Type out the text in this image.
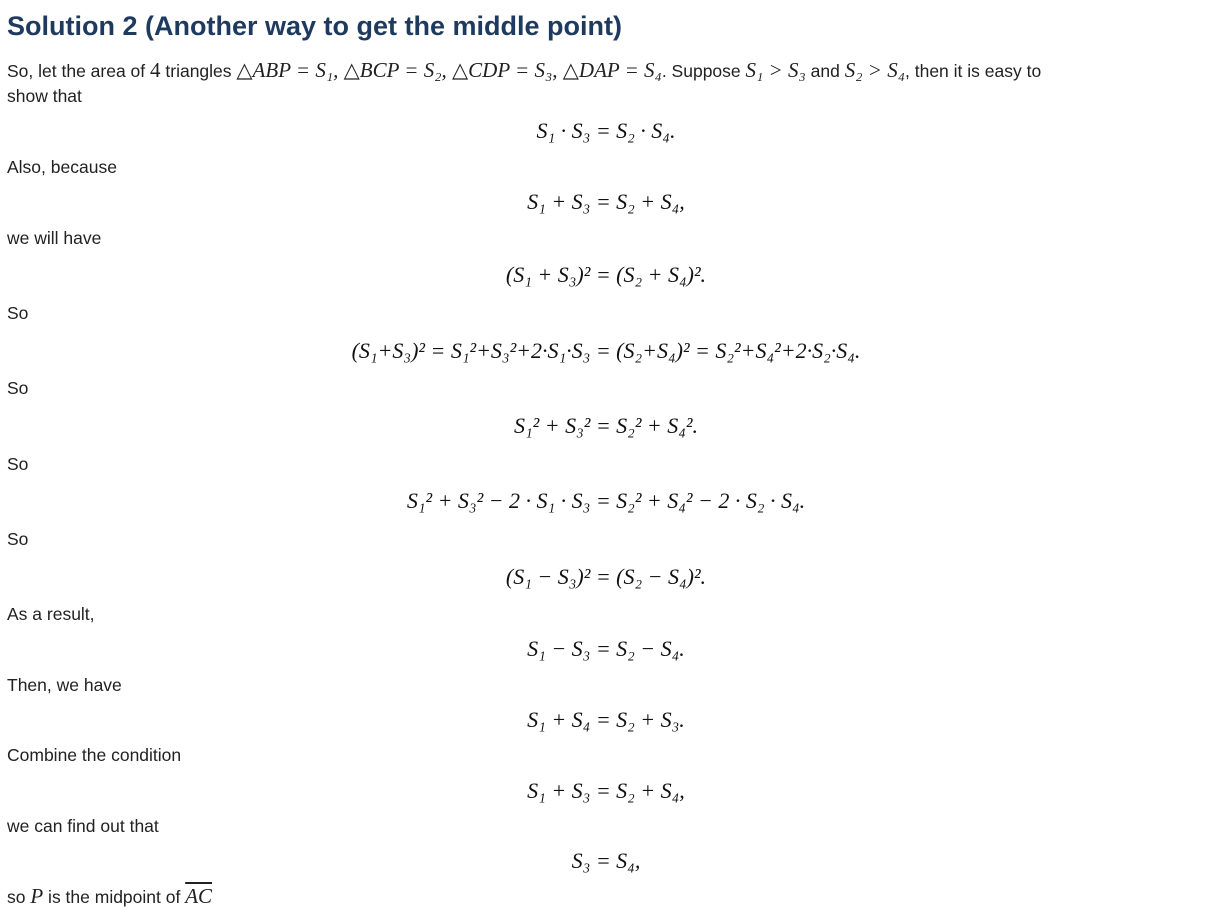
Solution 2 (Another way to get the middle point)
So, let the area of 4 triangles △ABP = S₁, △BCP = S₂, △CDP = S₃, △DAP = S₄. Suppose S₁ > S₃ and S₂ > S₄, then it is easy to
show that
S₁ · S₃ = S₂ · S₄.
Also, because
S₁ + S₃ = S₂ + S₄,
we will have
(S₁ + S₃)² = (S₂ + S₄)².
So
(S₁+S₃)² = S₁²+S₃²+2·S₁·S₃ = (S₂+S₄)² = S₂²+S₄²+2·S₂·S₄.
So
S₁² + S₃² = S₂² + S₄².
So
S₁² + S₃² − 2 · S₁ · S₃ = S₂² + S₄² − 2 · S₂ · S₄.
So
(S₁ − S₃)² = (S₂ − S₄)².
As a result,
S₁ − S₃ = S₂ − S₄.
Then, we have
S₁ + S₄ = S₂ + S₃.
Combine the condition
S₁ + S₃ = S₂ + S₄,
we can find out that
S₃ = S₄,
so P is the midpoint of $\overline{AC}$
